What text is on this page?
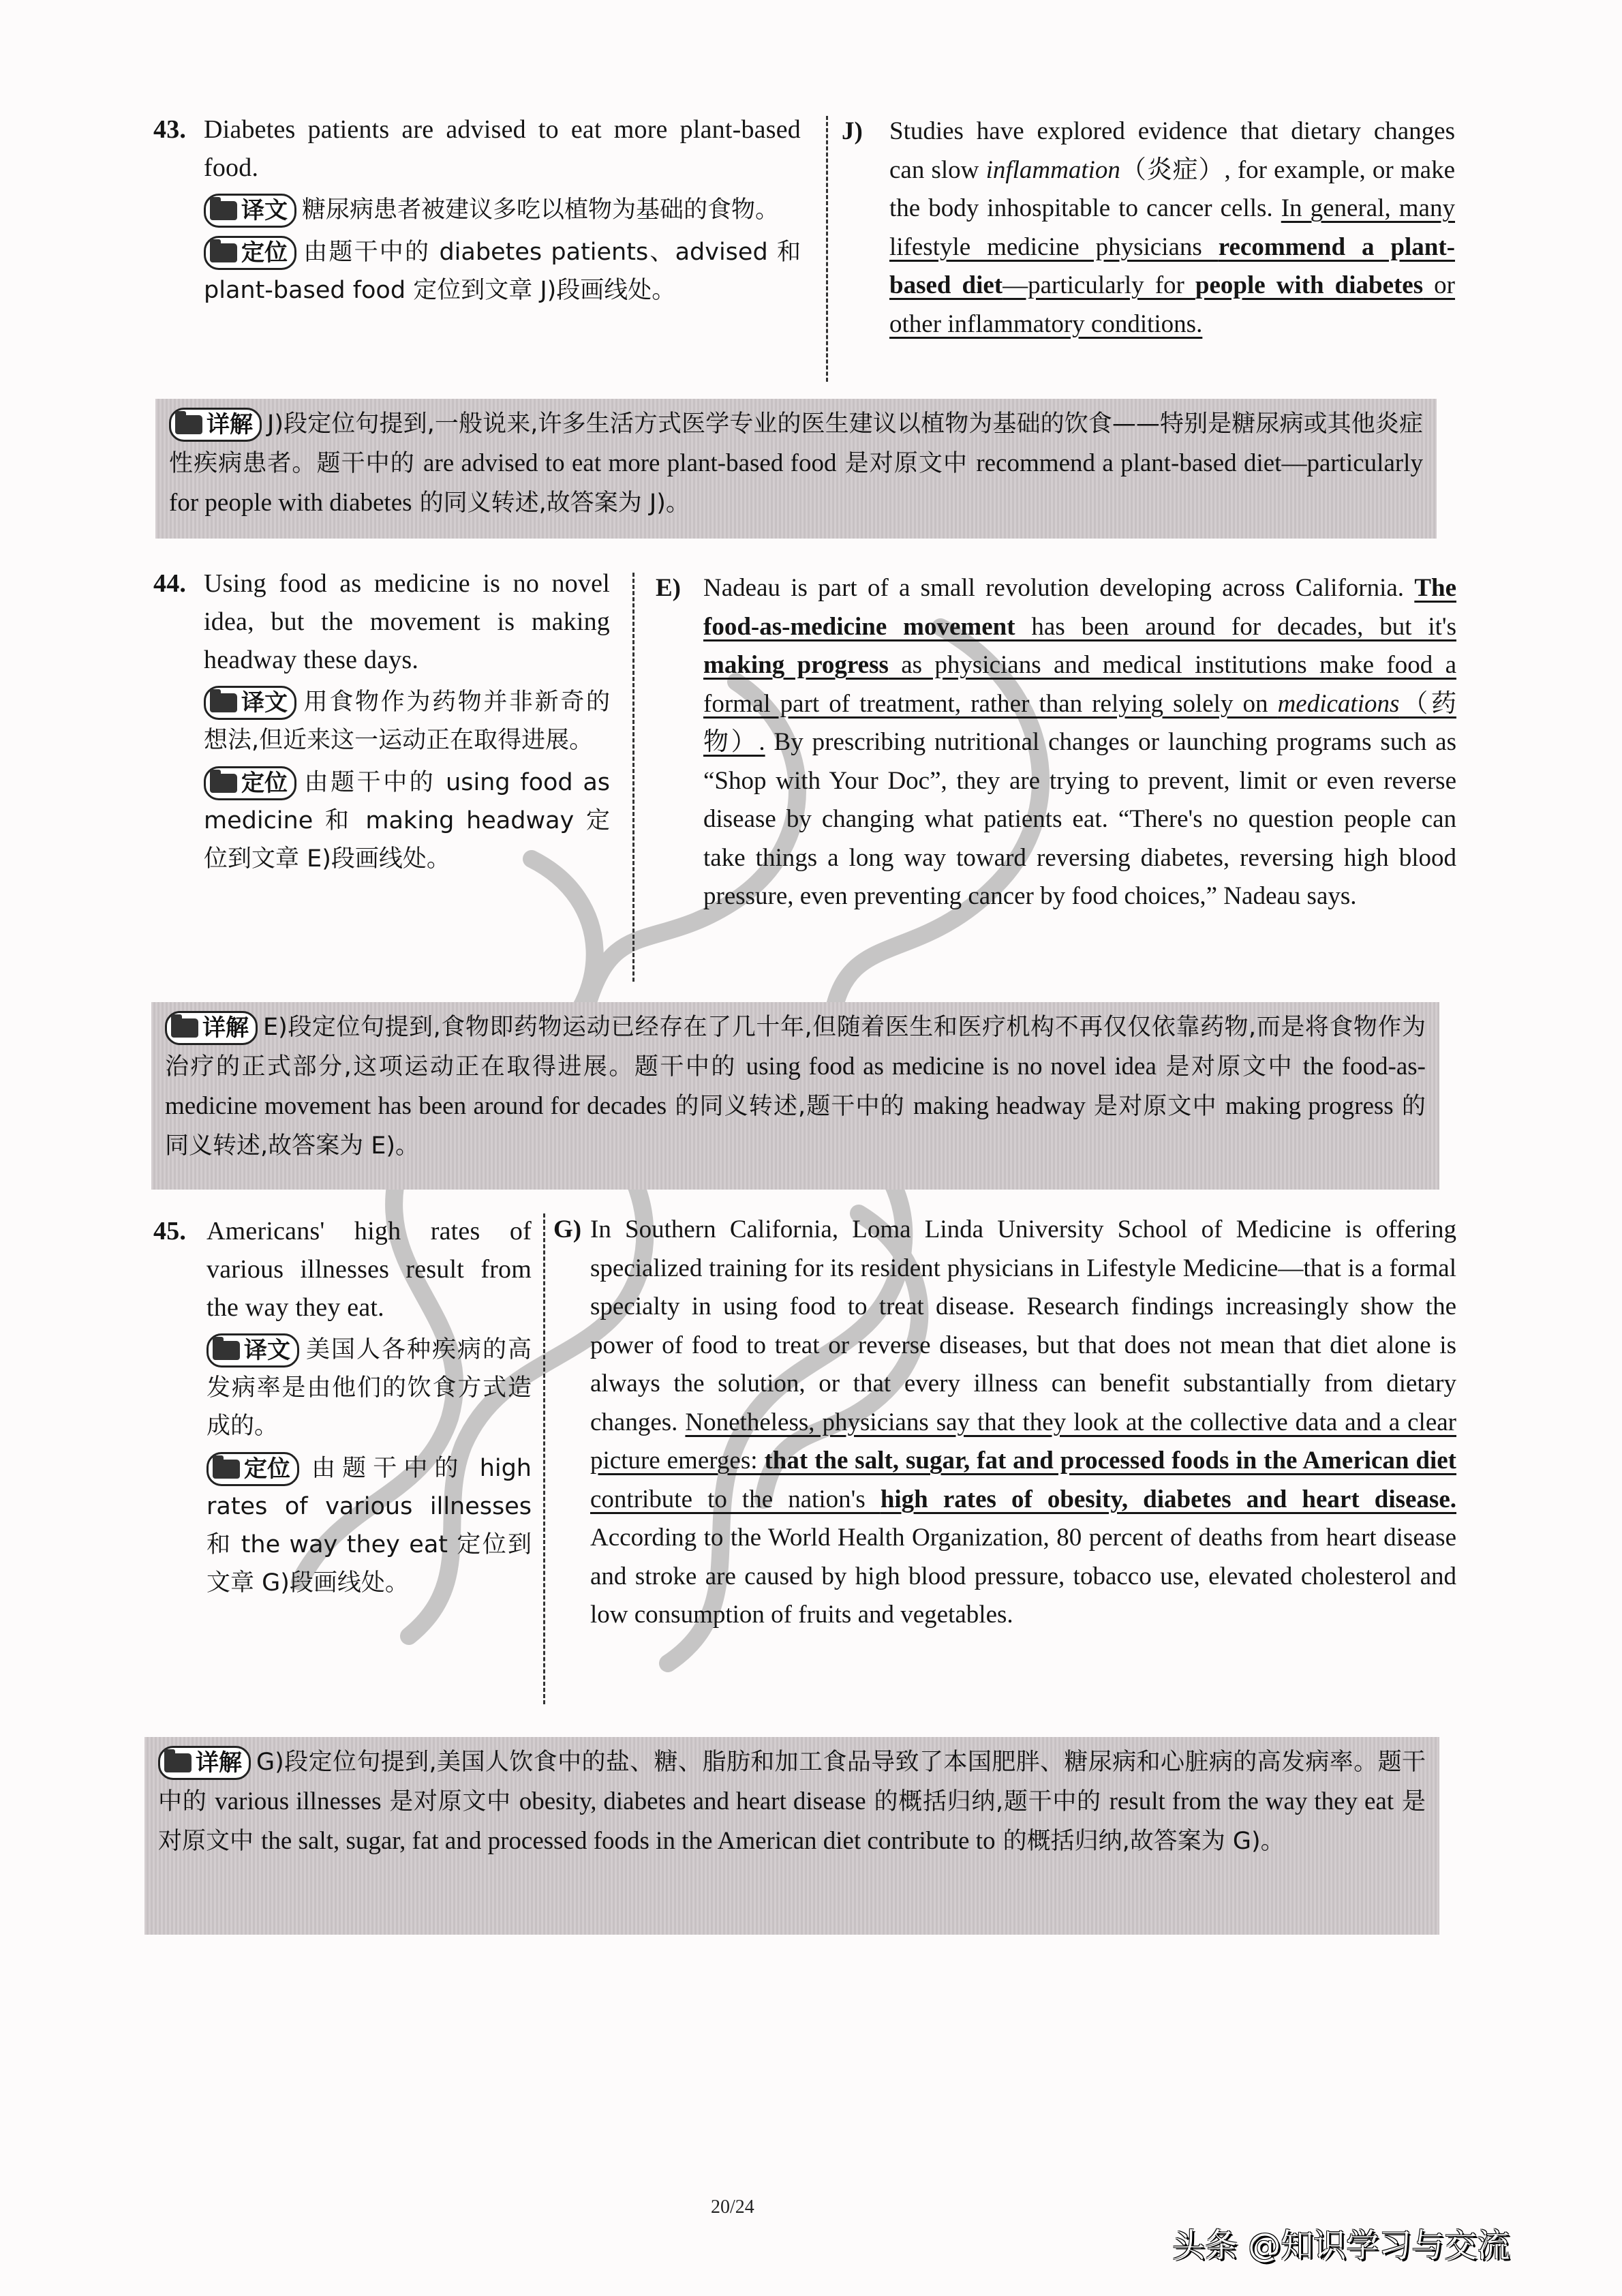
43. Diabetes patients are advised to eat more plant-based food.
译文 糖尿病患者被建议多吃以植物为基础的食物。
定位 由题干中的 diabetes patients、advised 和 plant-based food 定位到文章 J)段画线处。
J) Studies have explored evidence that dietary changes can slow inflammation（炎症）, for example, or make the body inhospitable to cancer cells. In general, many lifestyle medicine physicians recommend a plant-based diet—particularly for people with diabetes or other inflammatory conditions.
详解 J)段定位句提到,一般说来,许多生活方式医学专业的医生建议以植物为基础的饮食——特别是糖尿病或其他炎症性疾病患者。题干中的 are advised to eat more plant-based food 是对原文中 recommend a plant-based diet—particularly for people with diabetes 的同义转述,故答案为 J)。
44. Using food as medicine is no novel idea, but the movement is making headway these days.
译文 用食物作为药物并非新奇的想法,但近来这一运动正在取得进展。
定位 由题干中的 using food as medicine 和 making headway 定位到文章 E)段画线处。
E) Nadeau is part of a small revolution developing across California. The food-as-medicine movement has been around for decades, but it's making progress as physicians and medical institutions make food a formal part of treatment, rather than relying solely on medications（药物）. By prescribing nutritional changes or launching programs such as “Shop with Your Doc”, they are trying to prevent, limit or even reverse disease by changing what patients eat. “There's no question people can take things a long way toward reversing diabetes, reversing high blood pressure, even preventing cancer by food choices,” Nadeau says.
详解 E)段定位句提到,食物即药物运动已经存在了几十年,但随着医生和医疗机构不再仅仅依靠药物,而是将食物作为治疗的正式部分,这项运动正在取得进展。题干中的 using food as medicine is no novel idea 是对原文中 the food-as-medicine movement has been around for decades 的同义转述,题干中的 making headway 是对原文中 making progress 的同义转述,故答案为 E)。
45. Americans' high rates of various illnesses result from the way they eat.
译文 美国人各种疾病的高发病率是由他们的饮食方式造成的。
定位 由题干中的 high rates of various illnesses 和 the way they eat 定位到文章 G)段画线处。
G) In Southern California, Loma Linda University School of Medicine is offering specialized training for its resident physicians in Lifestyle Medicine—that is a formal specialty in using food to treat disease. Research findings increasingly show the power of food to treat or reverse diseases, but that does not mean that diet alone is always the solution, or that every illness can benefit substantially from dietary changes. Nonetheless, physicians say that they look at the collective data and a clear picture emerges: that the salt, sugar, fat and processed foods in the American diet contribute to the nation's high rates of obesity, diabetes and heart disease. According to the World Health Organization, 80 percent of deaths from heart disease and stroke are caused by high blood pressure, tobacco use, elevated cholesterol and low consumption of fruits and vegetables.
详解 G)段定位句提到,美国人饮食中的盐、糖、脂肪和加工食品导致了本国肥胖、糖尿病和心脏病的高发病率。题干中的 various illnesses 是对原文中 obesity, diabetes and heart disease 的概括归纳,题干中的 result from the way they eat 是对原文中 the salt, sugar, fat and processed foods in the American diet contribute to 的概括归纳,故答案为 G)。
20/24
头条 @知识学习与交流
